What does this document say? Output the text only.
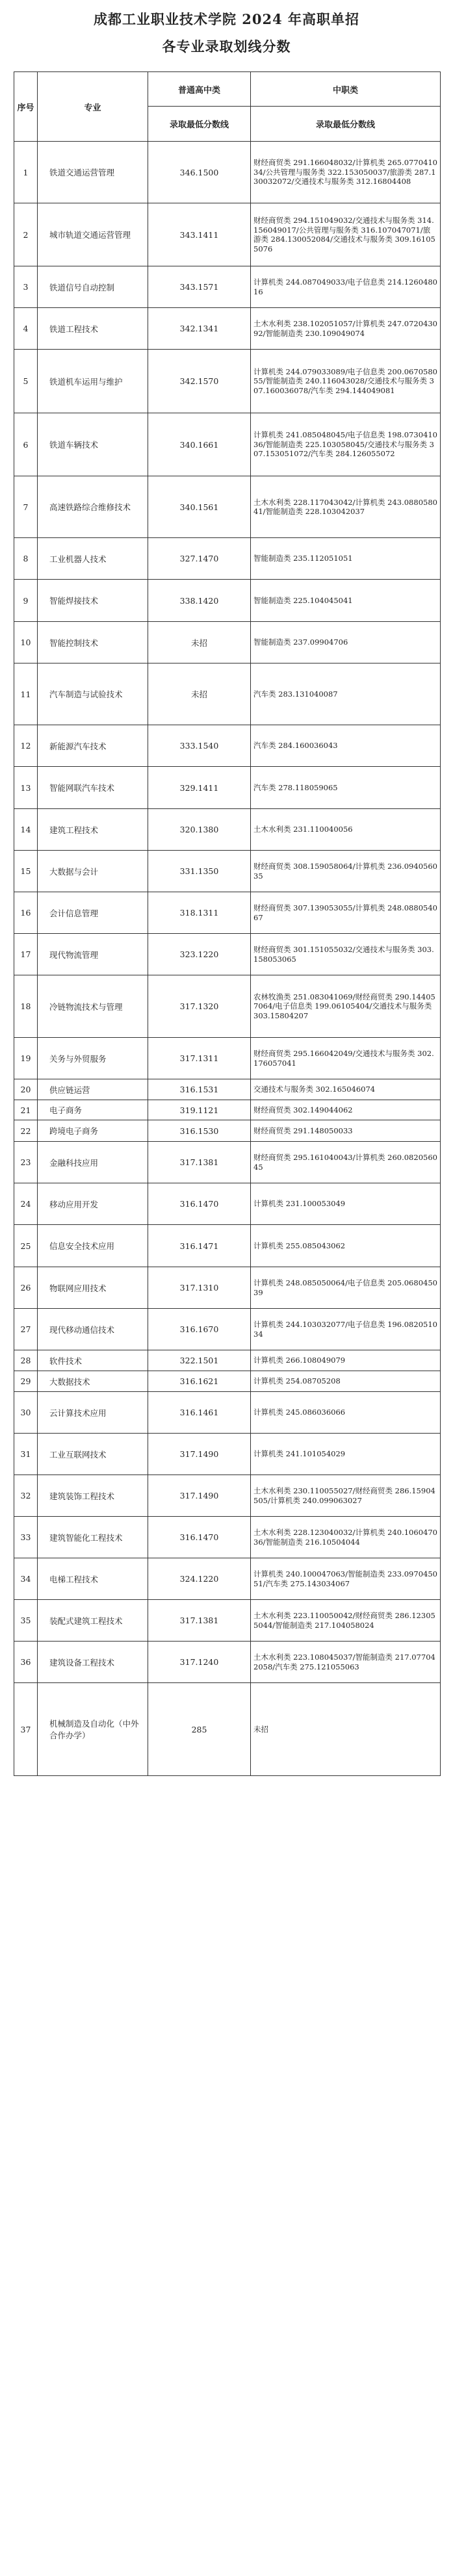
成都工业职业技术学院 2024 年高职单招
各专业录取划线分数
序号	专业	普通高中类	中职类
		录取最低分数线	录取最低分数线
1	铁道交通运营管理	346.1500	财经商贸类 291.166048032/计算机类 265.077041034/公共管理与服务类 322.153050037/旅游类 287.130032072/交通技术与服务类 312.16804408
2	城市轨道交通运营管理	343.1411	财经商贸类 294.151049032/交通技术与服务类 314.156049017/公共管理与服务类 316.107047071/旅游类 284.130052084/交通技术与服务类 309.161055076
3	铁道信号自动控制	343.1571	计算机类 244.087049033/电子信息类 214.126048016
4	铁道工程技术	342.1341	土木水利类 238.102051057/计算机类 247.072043092/智能制造类 230.109049074
5	铁道机车运用与维护	342.1570	计算机类 244.079033089/电子信息类 200.067058055/智能制造类 240.116043028/交通技术与服务类 307.160036078/汽车类 294.144049081
6	铁道车辆技术	340.1661	计算机类 241.085048045/电子信息类 198.073041036/智能制造类 225.103058045/交通技术与服务类 307.153051072/汽车类 284.126055072
7	高速铁路综合维修技术	340.1561	土木水利类 228.117043042/计算机类 243.088058041/智能制造类 228.103042037
8	工业机器人技术	327.1470	智能制造类 235.112051051
9	智能焊接技术	338.1420	智能制造类 225.104045041
10	智能控制技术	未招	智能制造类 237.09904706
11	汽车制造与试验技术	未招	汽车类 283.131040087
12	新能源汽车技术	333.1540	汽车类 284.160036043
13	智能网联汽车技术	329.1411	汽车类 278.118059065
14	建筑工程技术	320.1380	土木水利类 231.110040056
15	大数据与会计	331.1350	财经商贸类 308.159058064/计算机类 236.094056035
16	会计信息管理	318.1311	财经商贸类 307.139053055/计算机类 248.088054067
17	现代物流管理	323.1220	财经商贸类 301.151055032/交通技术与服务类 303.158053065
18	冷链物流技术与管理	317.1320	农林牧渔类 251.083041069/财经商贸类 290.144057064/电子信息类 199.06105404/交通技术与服务类 303.15804207
19	关务与外贸服务	317.1311	财经商贸类 295.166042049/交通技术与服务类 302.176057041
20	供应链运营	316.1531	交通技术与服务类 302.165046074
21	电子商务	319.1121	财经商贸类 302.149044062
22	跨境电子商务	316.1530	财经商贸类 291.148050033
23	金融科技应用	317.1381	财经商贸类 295.161040043/计算机类 260.082056045
24	移动应用开发	316.1470	计算机类 231.100053049
25	信息安全技术应用	316.1471	计算机类 255.085043062
26	物联网应用技术	317.1310	计算机类 248.085050064/电子信息类 205.068045039
27	现代移动通信技术	316.1670	计算机类 244.103032077/电子信息类 196.082051034
28	软件技术	322.1501	计算机类 266.108049079
29	大数据技术	316.1621	计算机类 254.08705208
30	云计算技术应用	316.1461	计算机类 245.086036066
31	工业互联网技术	317.1490	计算机类 241.101054029
32	建筑装饰工程技术	317.1490	土木水利类 230.110055027/财经商贸类 286.15904505/计算机类 240.099063027
33	建筑智能化工程技术	316.1470	土木水利类 228.123040032/计算机类 240.106047036/智能制造类 216.10504044
34	电梯工程技术	324.1220	计算机类 240.100047063/智能制造类 233.097045051/汽车类 275.143034067
35	装配式建筑工程技术	317.1381	土木水利类 223.110050042/财经商贸类 286.123055044/智能制造类 217.104058024
36	建筑设备工程技术	317.1240	土木水利类 223.108045037/智能制造类 217.077042058/汽车类 275.121055063
37	机械制造及自动化（中外合作办学）	285	未招
